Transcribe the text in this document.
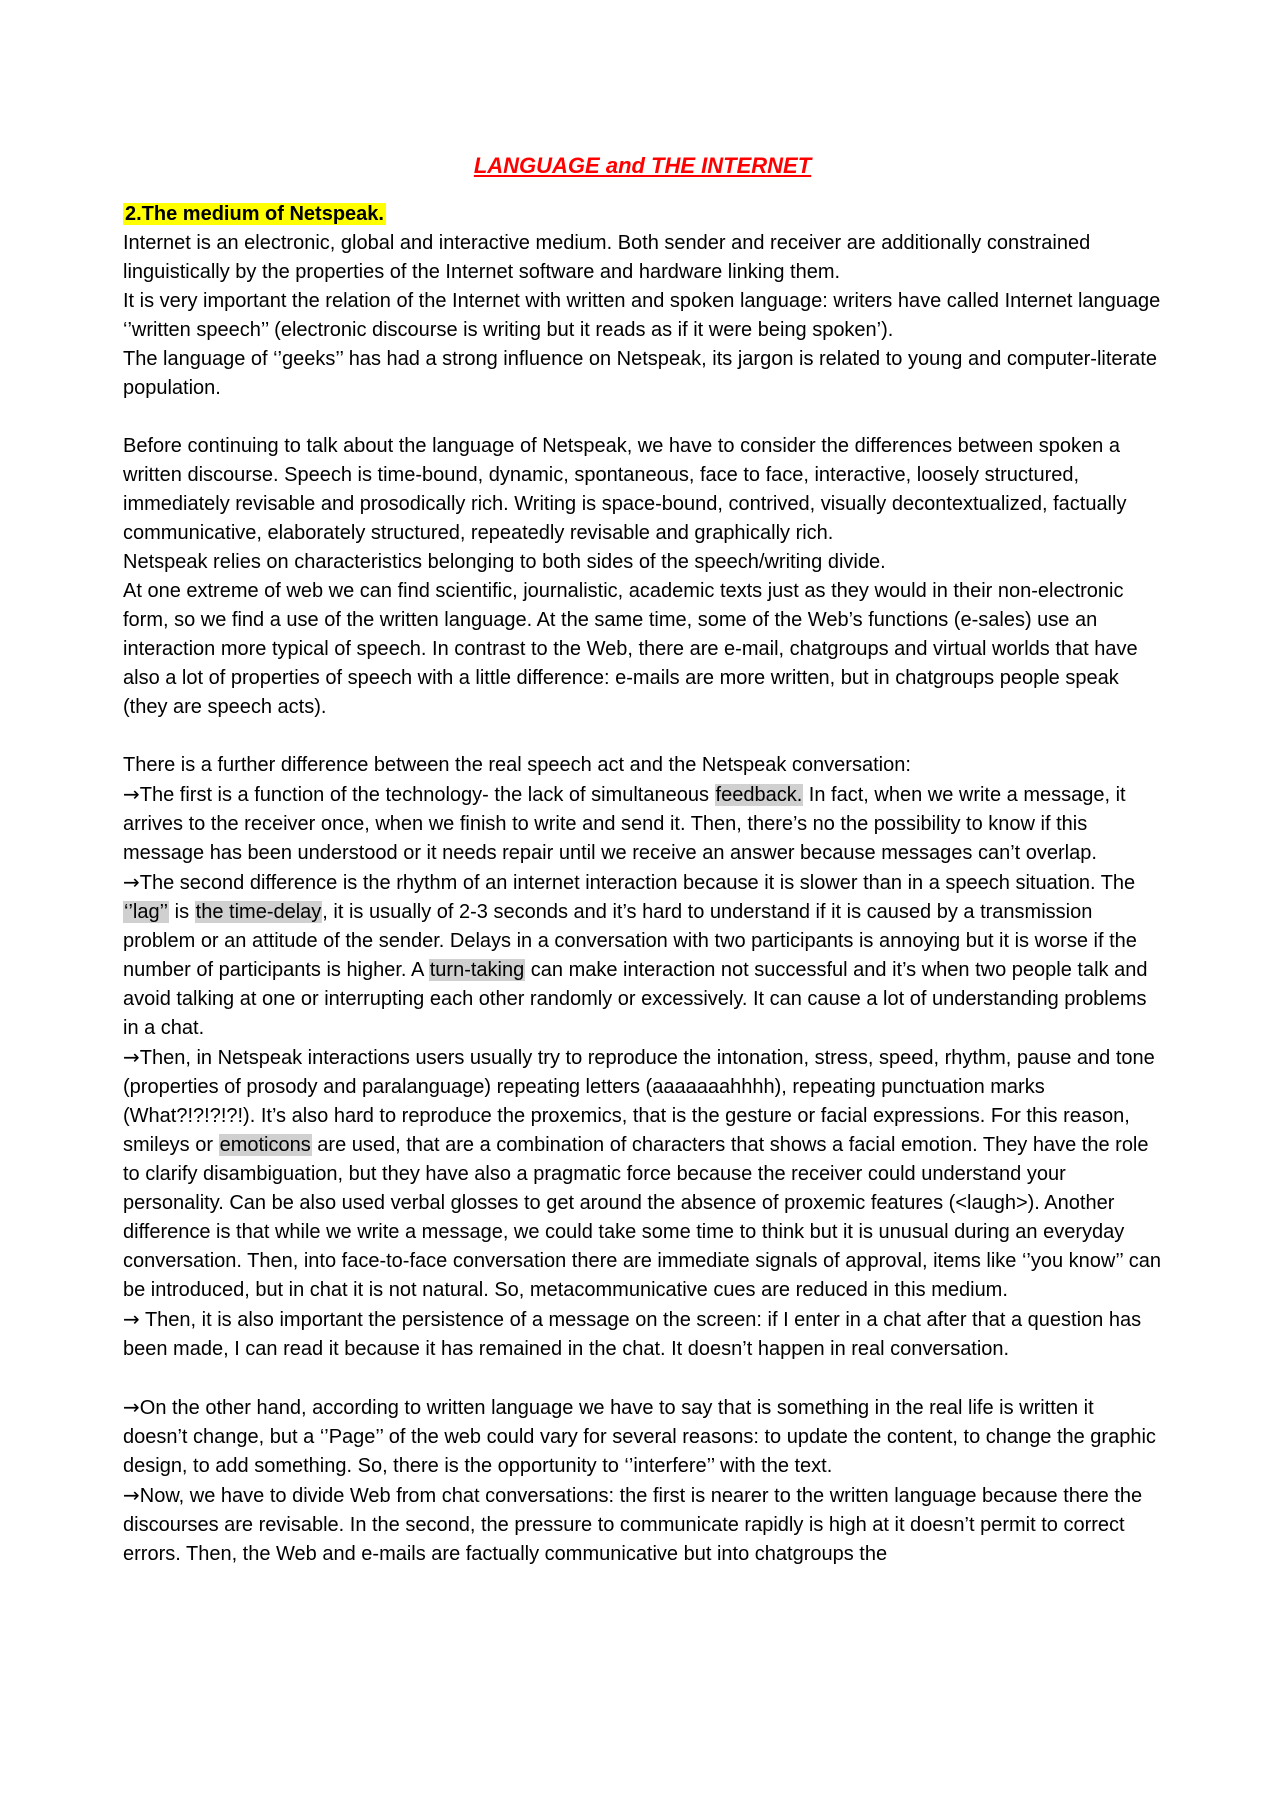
LANGUAGE and THE INTERNET

2.The medium of Netspeak.

Internet is an electronic, global and interactive medium. Both sender and receiver are additionally constrained linguistically by the properties of the Internet software and hardware linking them.

It is very important the relation of the Internet with written and spoken language: writers have called Internet language ‘’written speech’’ (electronic discourse is writing but it reads as if it were being spoken’).

The language of ‘’geeks’’ has had a strong influence on Netspeak, its jargon is related to young and computer-literate population.

Before continuing to talk about the language of Netspeak, we have to consider the differences between spoken a written discourse. Speech is time-bound, dynamic, spontaneous, face to face, interactive, loosely structured, immediately revisable and prosodically rich. Writing is space-bound, contrived, visually decontextualized, factually communicative, elaborately structured, repeatedly revisable and graphically rich.

Netspeak relies on characteristics belonging to both sides of the speech/writing divide.

At one extreme of web we can find scientific, journalistic, academic texts just as they would in their non-electronic form, so we find a use of the written language. At the same time, some of the Web’s functions (e-sales) use an interaction more typical of speech. In contrast to the Web, there are e-mail, chatgroups and virtual worlds that have also a lot of properties of speech with a little difference: e-mails are more written, but in chatgroups people speak (they are speech acts).

There is a further difference between the real speech act and the Netspeak conversation:

→The first is a function of the technology- the lack of simultaneous feedback. In fact, when we write a message, it arrives to the receiver once, when we finish to write and send it. Then, there’s no the possibility to know if this message has been understood or it needs repair until we receive an answer because messages can’t overlap.

→The second difference is the rhythm of an internet interaction because it is slower than in a speech situation. The ‘’lag’’ is the time-delay, it is usually of 2-3 seconds and it’s hard to understand if it is caused by a transmission problem or an attitude of the sender. Delays in a conversation with two participants is annoying but it is worse if the number of participants is higher. A turn-taking can make interaction not successful and it’s when two people talk and avoid talking at one or interrupting each other randomly or excessively. It can cause a lot of understanding problems in a chat.

→Then, in Netspeak interactions users usually try to reproduce the intonation, stress, speed, rhythm, pause and tone (properties of prosody and paralanguage) repeating letters (aaaaaaahhhh), repeating punctuation marks (What?!?!?!?!). It’s also hard to reproduce the proxemics, that is the gesture or facial expressions. For this reason, smileys or emoticons are used, that are a combination of characters that shows a facial emotion. They have the role to clarify disambiguation, but they have also a pragmatic force because the receiver could understand your personality. Can be also used verbal glosses to get around the absence of proxemic features (<laugh>). Another difference is that while we write a message, we could take some time to think but it is unusual during an everyday conversation. Then, into face-to-face conversation there are immediate signals of approval, items like ‘’you know’’ can be introduced, but in chat it is not natural. So, metacommunicative cues are reduced in this medium.

→ Then, it is also important the persistence of a message on the screen: if I enter in a chat after that a question has been made, I can read it because it has remained in the chat. It doesn’t happen in real conversation.

→On the other hand, according to written language we have to say that is something in the real life is written it doesn’t change, but a ‘’Page’’ of the web could vary for several reasons: to update the content, to change the graphic design, to add something. So, there is the opportunity to ‘’interfere’’ with the text.

→Now, we have to divide Web from chat conversations: the first is nearer to the written language because there the discourses are revisable. In the second, the pressure to communicate rapidly is high at it doesn’t permit to correct errors. Then, the Web and e-mails are factually communicative but into chatgroups the
